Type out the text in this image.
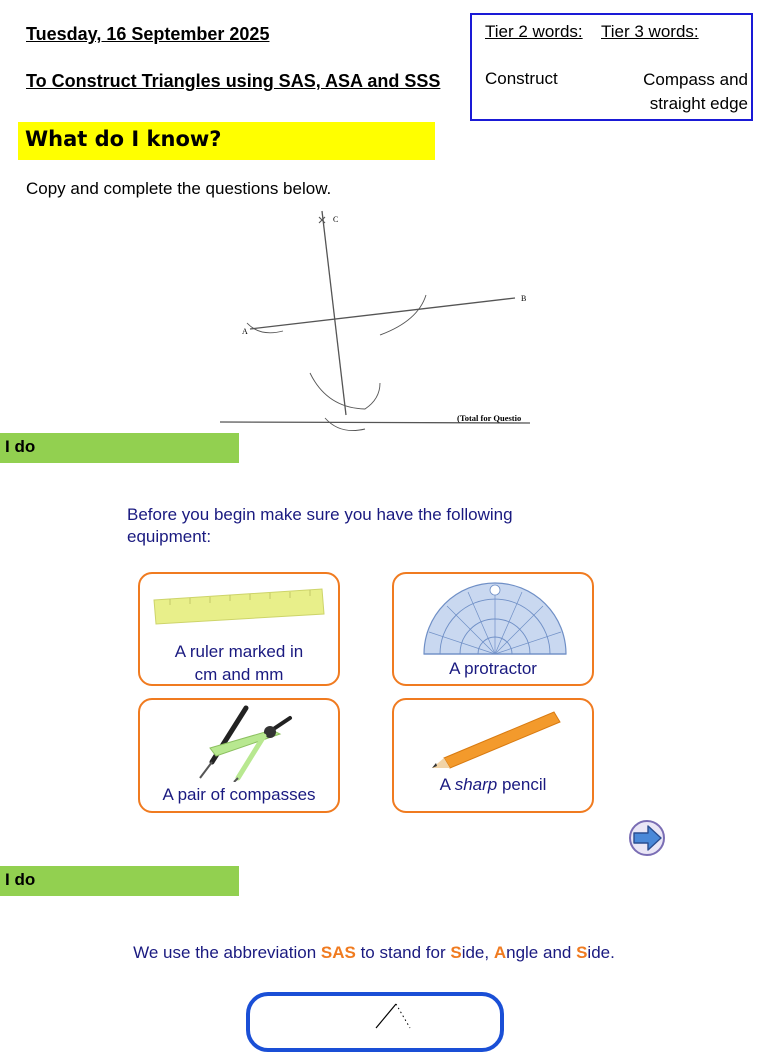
Tuesday, 16 September 2025
To Construct Triangles using SAS, ASA and SSS
Tier 2 words: Tier 3 words:
Construct	Compass and
straight edge
What do I know?
Copy and complete the questions below.
A
B
C
(Total for Questio
I do
Before you begin make sure you have the following equipment:
A ruler marked in
cm and mm	A protractor
A pair of compasses
A sharp pencil
I do
We use the abbreviation SAS to stand for Side, Angle and Side.
